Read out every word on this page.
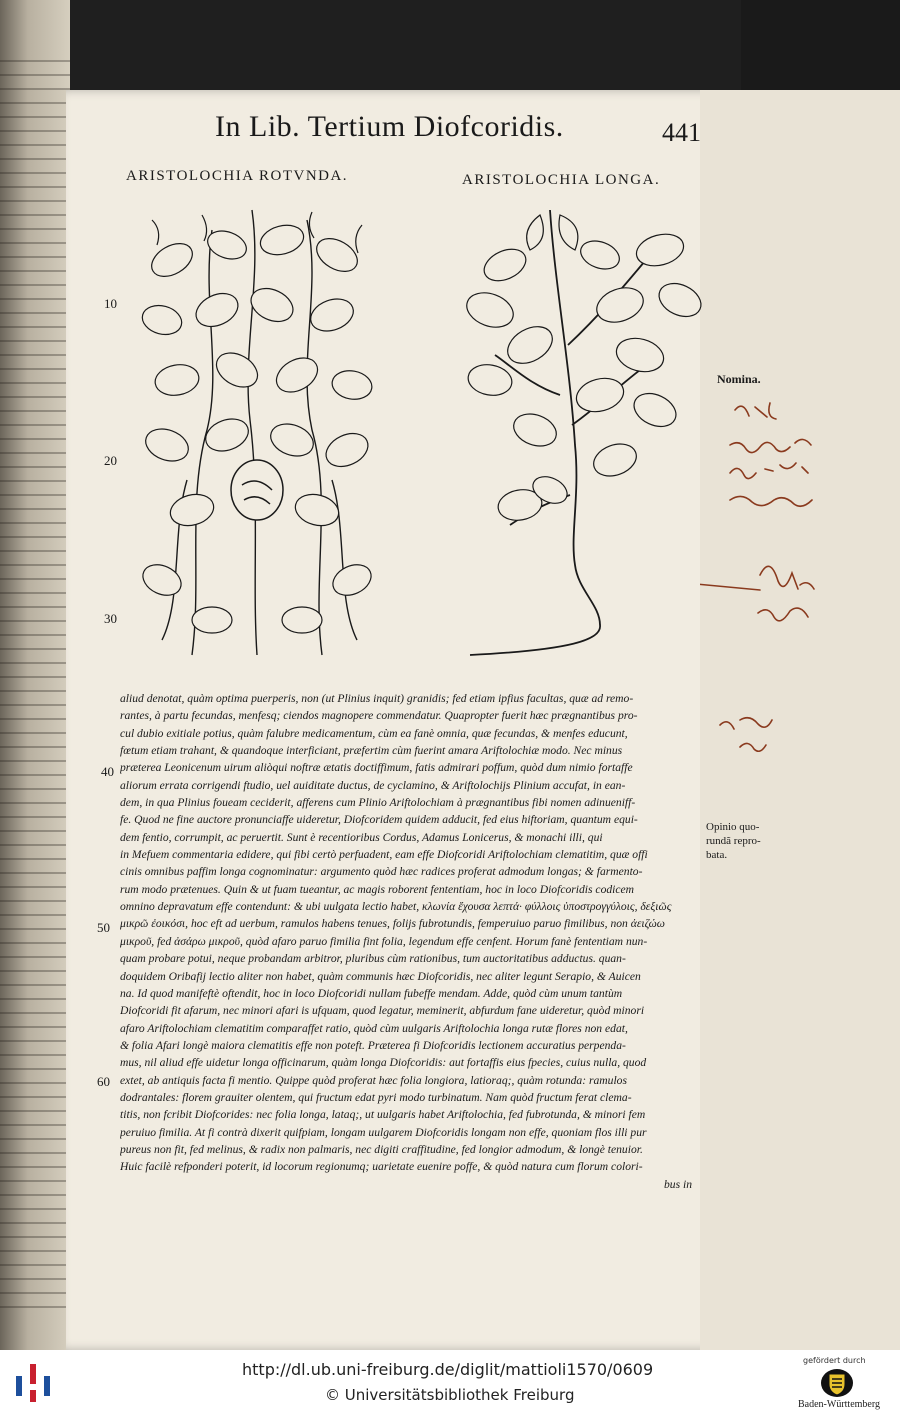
In Lib. Tertium Diofcoridis.	441
ARISTOLOCHIA ROTVNDA.	ARISTOLOCHIA LONGA.
10
20
30
40
50
60
aliud denotat, quàm optima puerperis, non (ut Plinius inquit) granidis; fed etiam ipfius facultas, quæ ad remo-
rantes, à partu fecundas, menfesq; ciendos magnopere commendatur. Quapropter fuerit hæc prægnantibus pro-
cul dubio exitiale potius, quàm falubre medicamentum, cùm ea fanè omnia, quæ fecundas, & menfes educunt,
fœtum etiam trahant, & quandoque interficiant, præfertim cùm fuerint amara Ariftolochiæ modo. Nec minus
præterea Leonicenum uirum aliòqui noftræ ætatis doctiffimum, fatis admirari poffum, quòd dum nimio fortaffe
aliorum errata corrigendi ftudio, uel auiditate ductus, de cyclamino, & Ariftolochijs Plinium accufat, in ean-
dem, in qua Plinius foueam ceciderit, afferens cum Plinio Ariftolochiam à prægnantibus fibi nomen adinueniff-
fe. Quod ne fine auctore pronunciaffe uideretur, Diofcoridem quidem adducit, fed eius hiftoriam, quantum equi-
dem fentio, corrumpit, ac peruertit. Sunt è recentioribus Cordus, Adamus Lonicerus, & monachi illi, qui
in Mefuem commentaria edidere, qui fibi certò perfuadent, eam effe Diofcoridi Ariftolochiam clematitim, quæ offi
cinis omnibus paffim longa cognominatur: argumento quòd hæc radices proferat admodum longas; & farmento-
rum modo prætenues. Quin & ut fuam tueantur, ac magis roborent fententiam, hoc in loco Diofcoridis codicem
omnino depravatum effe contendunt: & ubi uulgata lectio habet, κλωνία ἔχουσα λεπτά· φύλλοις ὑποστρογγύλοις, δεξιῶς
μικρῶ ἐοικόσι, hoc eft ad uerbum, ramulos habens tenues, folijs fubrotundis, femperuiuo paruo fimilibus, non ἀειζώω
μικροῦ, fed ἀσάρω μικροῦ, quòd afaro paruo fimilia fint folia, legendum effe cenfent. Horum fanè fententiam nun-
quam probare potui, neque probandam arbitror, pluribus cùm rationibus, tum auctoritatibus adductus. quan-
doquidem Oribafij lectio aliter non habet, quàm communis hæc Diofcoridis, nec aliter legunt Serapio, & Auicen
na. Id quod manifeftè oftendit, hoc in loco Diofcoridi nullam fubeffe mendam. Adde, quòd cùm unum tantùm
Diofcoridi fit afarum, nec minori afari is ufquam, quod legatur, meminerit, abfurdum fane uideretur, quòd minori
afaro Ariftolochiam clematitim comparaffet ratio, quòd cùm uulgaris Ariftolochia longa rutæ flores non edat,
& folia Afari longè maiora clematitis effe non poteft. Præterea fi Diofcoridis lectionem accuratius perpenda-
mus, nil aliud effe uidetur longa officinarum, quàm longa Diofcoridis: aut fortaffis eius fpecies, cuius nulla, quod
extet, ab antiquis facta fi mentio. Quippe quòd proferat hæc folia longiora, latioraq;, quàm rotunda: ramulos
dodrantales: florem grauiter olentem, qui fructum edat pyri modo turbinatum. Nam quòd fructum ferat clema-
titis, non fcribit Diofcorides: nec folia longa, lataq;, ut uulgaris habet Ariftolochia, fed fubrotunda, & minori fem
peruiuo fimilia. At fi contrà dixerit quifpiam, longam uulgarem Diofcoridis longam non effe, quoniam flos illi pur
pureus non fit, fed melinus, & radix non palmaris, nec digiti craffitudine, fed longior admodum, & longè tenuior.
Huic facilè refponderi poterit, id locorum regionumq; uarietate euenire poffe, & quòd natura cum florum colori-
bus in
Nomina.
Opinio quo-
rundã repro-
bata.
http://dl.ub.uni-freiburg.de/diglit/mattioli1570/0609
© Universitätsbibliothek Freiburg
gefördert durch
Baden-Württemberg
